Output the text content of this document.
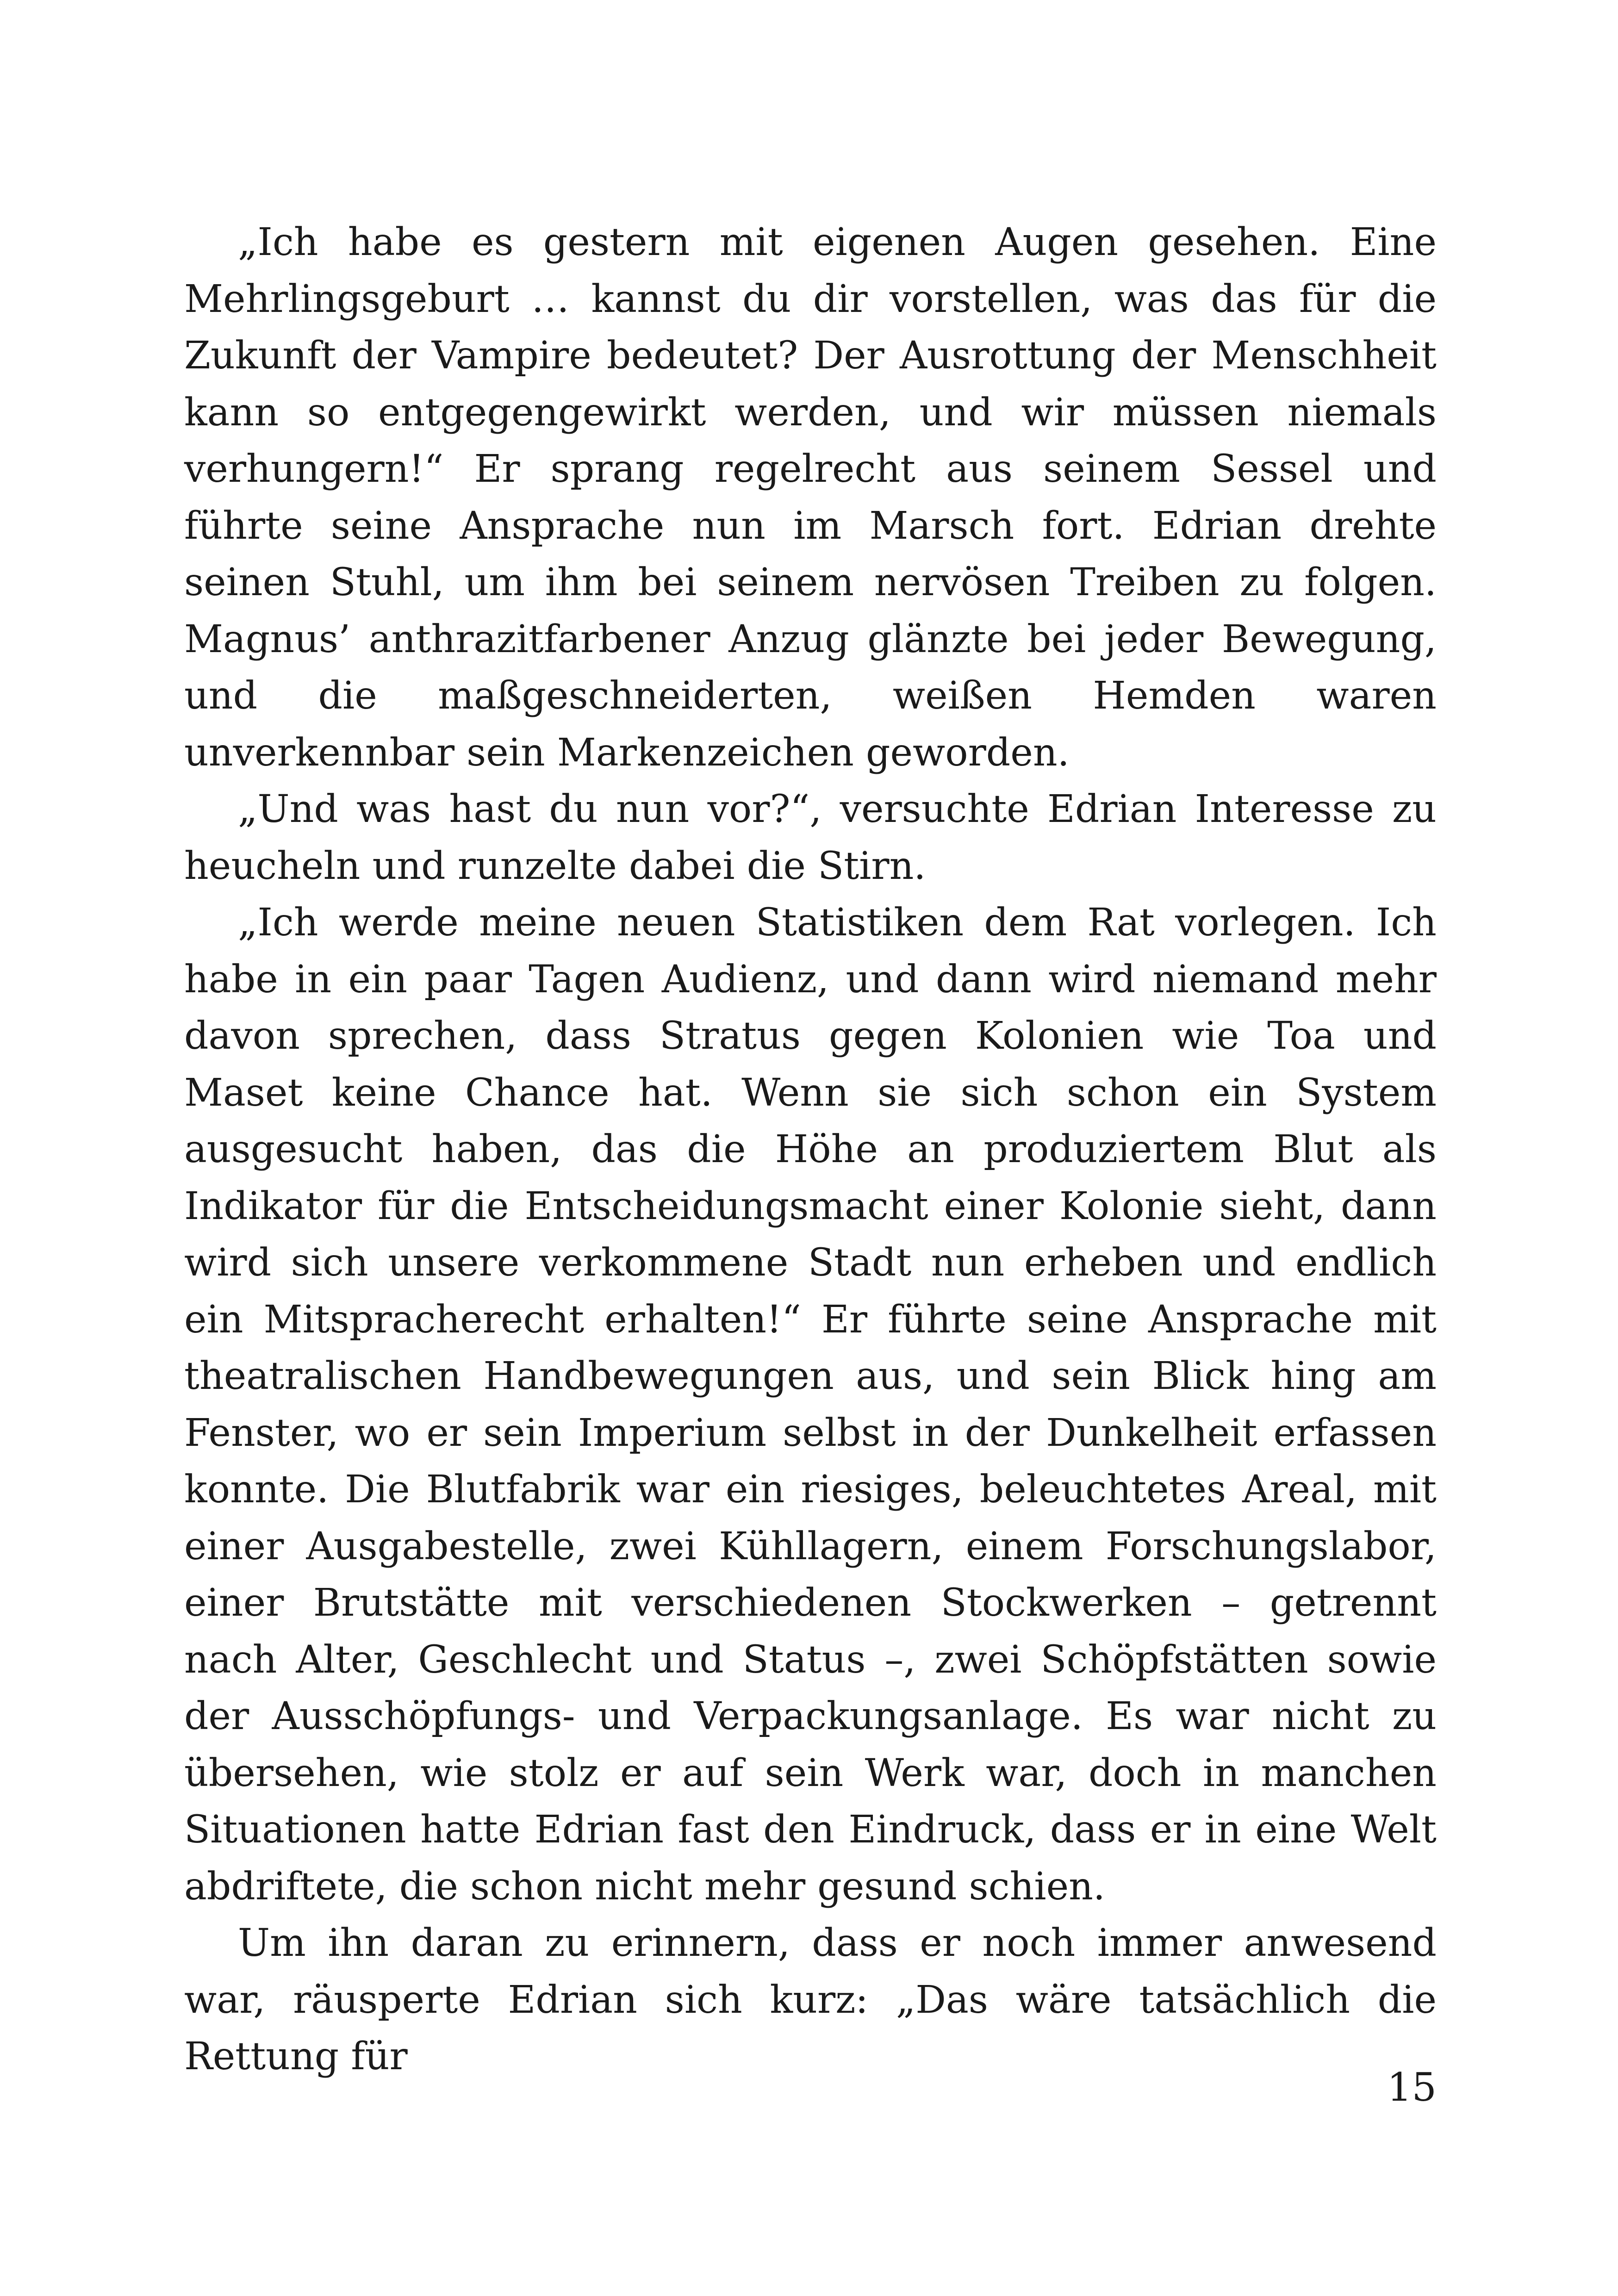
„Ich habe es gestern mit eigenen Augen gesehen. Eine Mehrlingsgeburt … kannst du dir vorstellen, was das für die Zukunft der Vampire bedeutet? Der Ausrottung der Menschheit kann so entgegengewirkt werden, und wir müssen niemals verhungern!“ Er sprang regelrecht aus seinem Sessel und führte seine Ansprache nun im Marsch fort. Edrian drehte seinen Stuhl, um ihm bei seinem nervösen Treiben zu folgen. Magnus’ anthrazitfarbener Anzug glänzte bei jeder Bewegung, und die maßgeschneiderten, weißen Hemden waren unverkennbar sein Markenzeichen geworden.

„Und was hast du nun vor?“, versuchte Edrian Interesse zu heucheln und runzelte dabei die Stirn.

„Ich werde meine neuen Statistiken dem Rat vorlegen. Ich habe in ein paar Tagen Audienz, und dann wird niemand mehr davon sprechen, dass Stratus gegen Kolonien wie Toa und Maset keine Chance hat. Wenn sie sich schon ein System ausgesucht haben, das die Höhe an produziertem Blut als Indikator für die Entscheidungsmacht einer Kolonie sieht, dann wird sich unsere verkommene Stadt nun erheben und endlich ein Mitspracherecht erhalten!“ Er führte seine Ansprache mit theatralischen Handbewegungen aus, und sein Blick hing am Fenster, wo er sein Imperium selbst in der Dunkelheit erfassen konnte. Die Blutfabrik war ein riesiges, beleuchtetes Areal, mit einer Ausgabestelle, zwei Kühllagern, einem Forschungslabor, einer Brutstätte mit verschiedenen Stockwerken – getrennt nach Alter, Geschlecht und Status –, zwei Schöpfstätten sowie der Ausschöpfungs- und Verpackungsanlage. Es war nicht zu übersehen, wie stolz er auf sein Werk war, doch in manchen Situationen hatte Edrian fast den Eindruck, dass er in eine Welt abdriftete, die schon nicht mehr gesund schien.

Um ihn daran zu erinnern, dass er noch immer anwesend war, räusperte Edrian sich kurz: „Das wäre tatsächlich die Rettung für

15
